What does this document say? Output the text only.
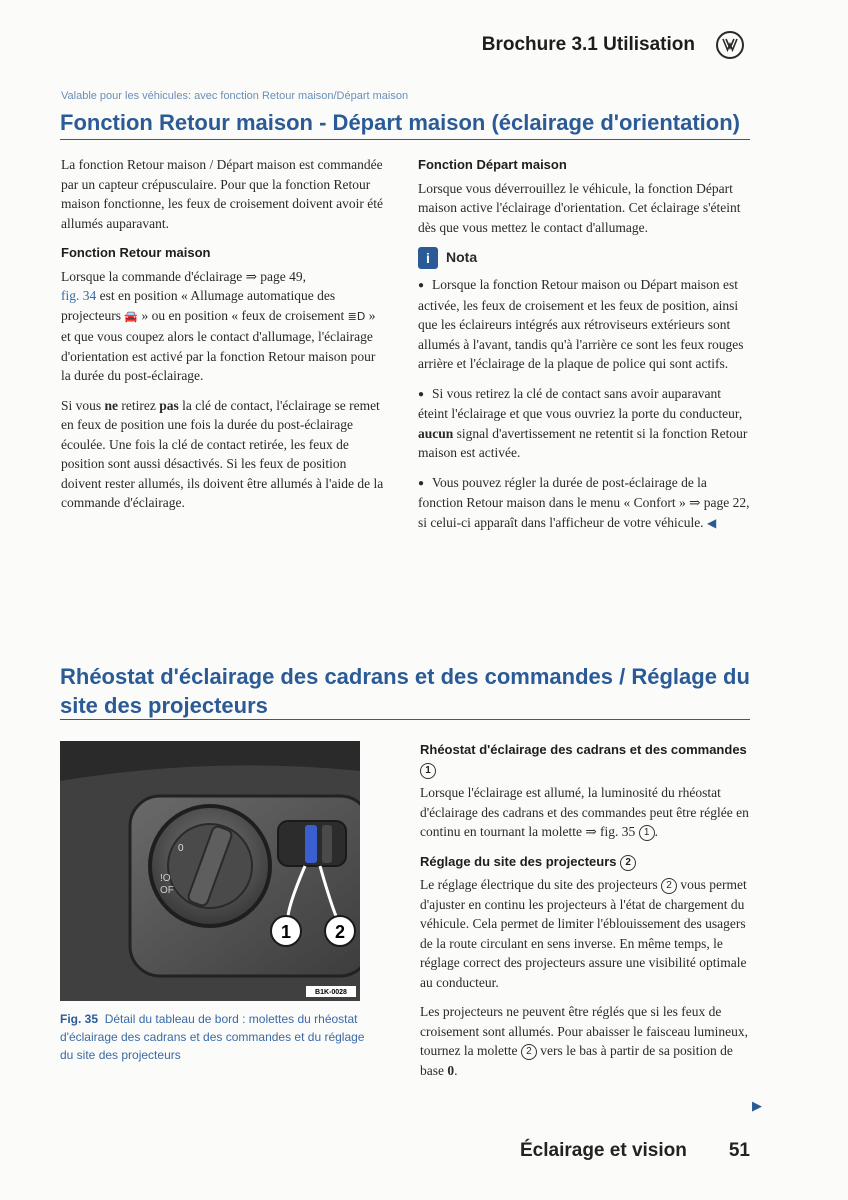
Brochure 3.1 Utilisation
Valable pour les véhicules: avec fonction Retour maison/Départ maison
Fonction Retour maison - Départ maison (éclairage d'orientation)

La fonction Retour maison / Départ maison est commandée par un capteur crépusculaire. Pour que la fonction Retour maison fonctionne, les feux de croisement doivent avoir été allumés auparavant.

Fonction Retour maison

Lorsque la commande d'éclairage ⇒ page 49,
fig. 34 est en position « Allumage automatique des projecteurs 🚘 » ou en position « feux de croisement ≣D » et que vous coupez alors le contact d'allumage, l'éclairage d'orientation est activé par la fonction Retour maison pour la durée du post-éclairage.

Si vous ne retirez pas la clé de contact, l'éclairage se remet en feux de position une fois la durée du post-éclairage écoulée. Une fois la clé de contact retirée, les feux de position sont aussi désactivés. Si les feux de position doivent rester allumés, ils doivent être allumés à l'aide de la commande d'éclairage.

Fonction Départ maison

Lorsque vous déverrouillez le véhicule, la fonction Départ maison active l'éclairage d'orientation. Cet éclairage s'éteint dès que vous mettez le contact d'allumage.

i	Nota

● Lorsque la fonction Retour maison ou Départ maison est activée, les feux de croisement et les feux de position, ainsi que les éclaireurs intégrés aux rétroviseurs extérieurs sont allumés à l'avant, tandis qu'à l'arrière ce sont les feux rouges arrière et l'éclairage de la plaque de police qui sont actifs.

● Si vous retirez la clé de contact sans avoir auparavant éteint l'éclairage et que vous ouvriez la porte du conducteur, aucun signal d'avertissement ne retentit si la fonction Retour maison est activée.

● Vous pouvez régler la durée de post-éclairage de la fonction Retour maison dans le menu « Confort » ⇒ page 22, si celui-ci apparaît dans l'afficheur de votre véhicule. ◀

Rhéostat d'éclairage des cadrans et des commandes / Réglage du site des projecteurs
0
!O
OF
1 2
B1K-0028
Fig. 35 Détail du tableau de bord : molettes du rhéostat d'éclairage des cadrans et des commandes et du réglage du site des projecteurs
Rhéostat d'éclairage des cadrans et des commandes 1

Lorsque l'éclairage est allumé, la luminosité du rhéostat d'éclairage des cadrans et des commandes peut être réglée en continu en tournant la molette ⇒ fig. 35 1 .

Réglage du site des projecteurs 2

Le réglage électrique du site des projecteurs 2 vous permet d'ajuster en continu les projecteurs à l'état de chargement du véhicule. Cela permet de limiter l'éblouissement des usagers de la route circulant en sens inverse. En même temps, le réglage correct des projecteurs assure une visibilité optimale au conducteur.

Les projecteurs ne peuvent être réglés que si les feux de croisement sont allumés. Pour abaisser le faisceau lumineux, tournez la molette 2 vers le bas à partir de sa position de base 0.

▶
Éclairage et vision 51
